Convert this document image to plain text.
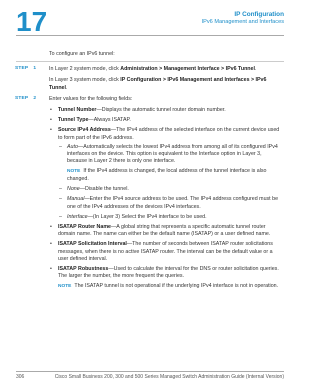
17	IP Configuration
IPv6 Management and Interfaces

To configure an IPv6 tunnel:

STEP 1 In Layer 2 system mode, click Administration > Management Interface > IPv6 Tunnel.

In Layer 3 system mode, click IP Configuration > IPv6 Management and Interfaces > IPv6 Tunnel.

STEP 2 Enter values for the following fields:

• Tunnel Number—Displays the automatic tunnel router domain number.
• Tunnel Type—Always ISATAP.
• Source IPv4 Address—The IPv4 address of the selected interface on the current device used to form part of the IPv6 address.
– Auto—Automatically selects the lowest IPv4 address from among all of its configured IPv4 interfaces on the device. This option is equivalent to the Interface option in Layer 3, because in Layer 2 there is only one interface.
NOTE If the IPv4 address is changed, the local address of the tunnel interface is also changed.
– None—Disable the tunnel.
– Manual—Enter the IPv4 source address to be used. The IPv4 address configured must be one of the IPv4 addresses of the devices IPv4 interfaces.
– Interface—(In Layer 3) Select the IPv4 interface to be used.
• ISATAP Router Name—A global string that represents a specific automatic tunnel router domain name. The name can either be the default name (ISATAP) or a user defined name.
• ISATAP Solicitation Interval—The number of seconds between ISATAP router solicitations messages, when there is no active ISATAP router. The interval can be the default value or a user defined interval.
• ISATAP Robustness—Used to calculate the interval for the DNS or router solicitation queries. The larger the number, the more frequent the queries.
NOTE The ISATAP tunnel is not operational if the underlying IPv4 interface is not in operation.
306	Cisco Small Business 200, 300 and 500 Series Managed Switch Administration Guide (Internal Version)
